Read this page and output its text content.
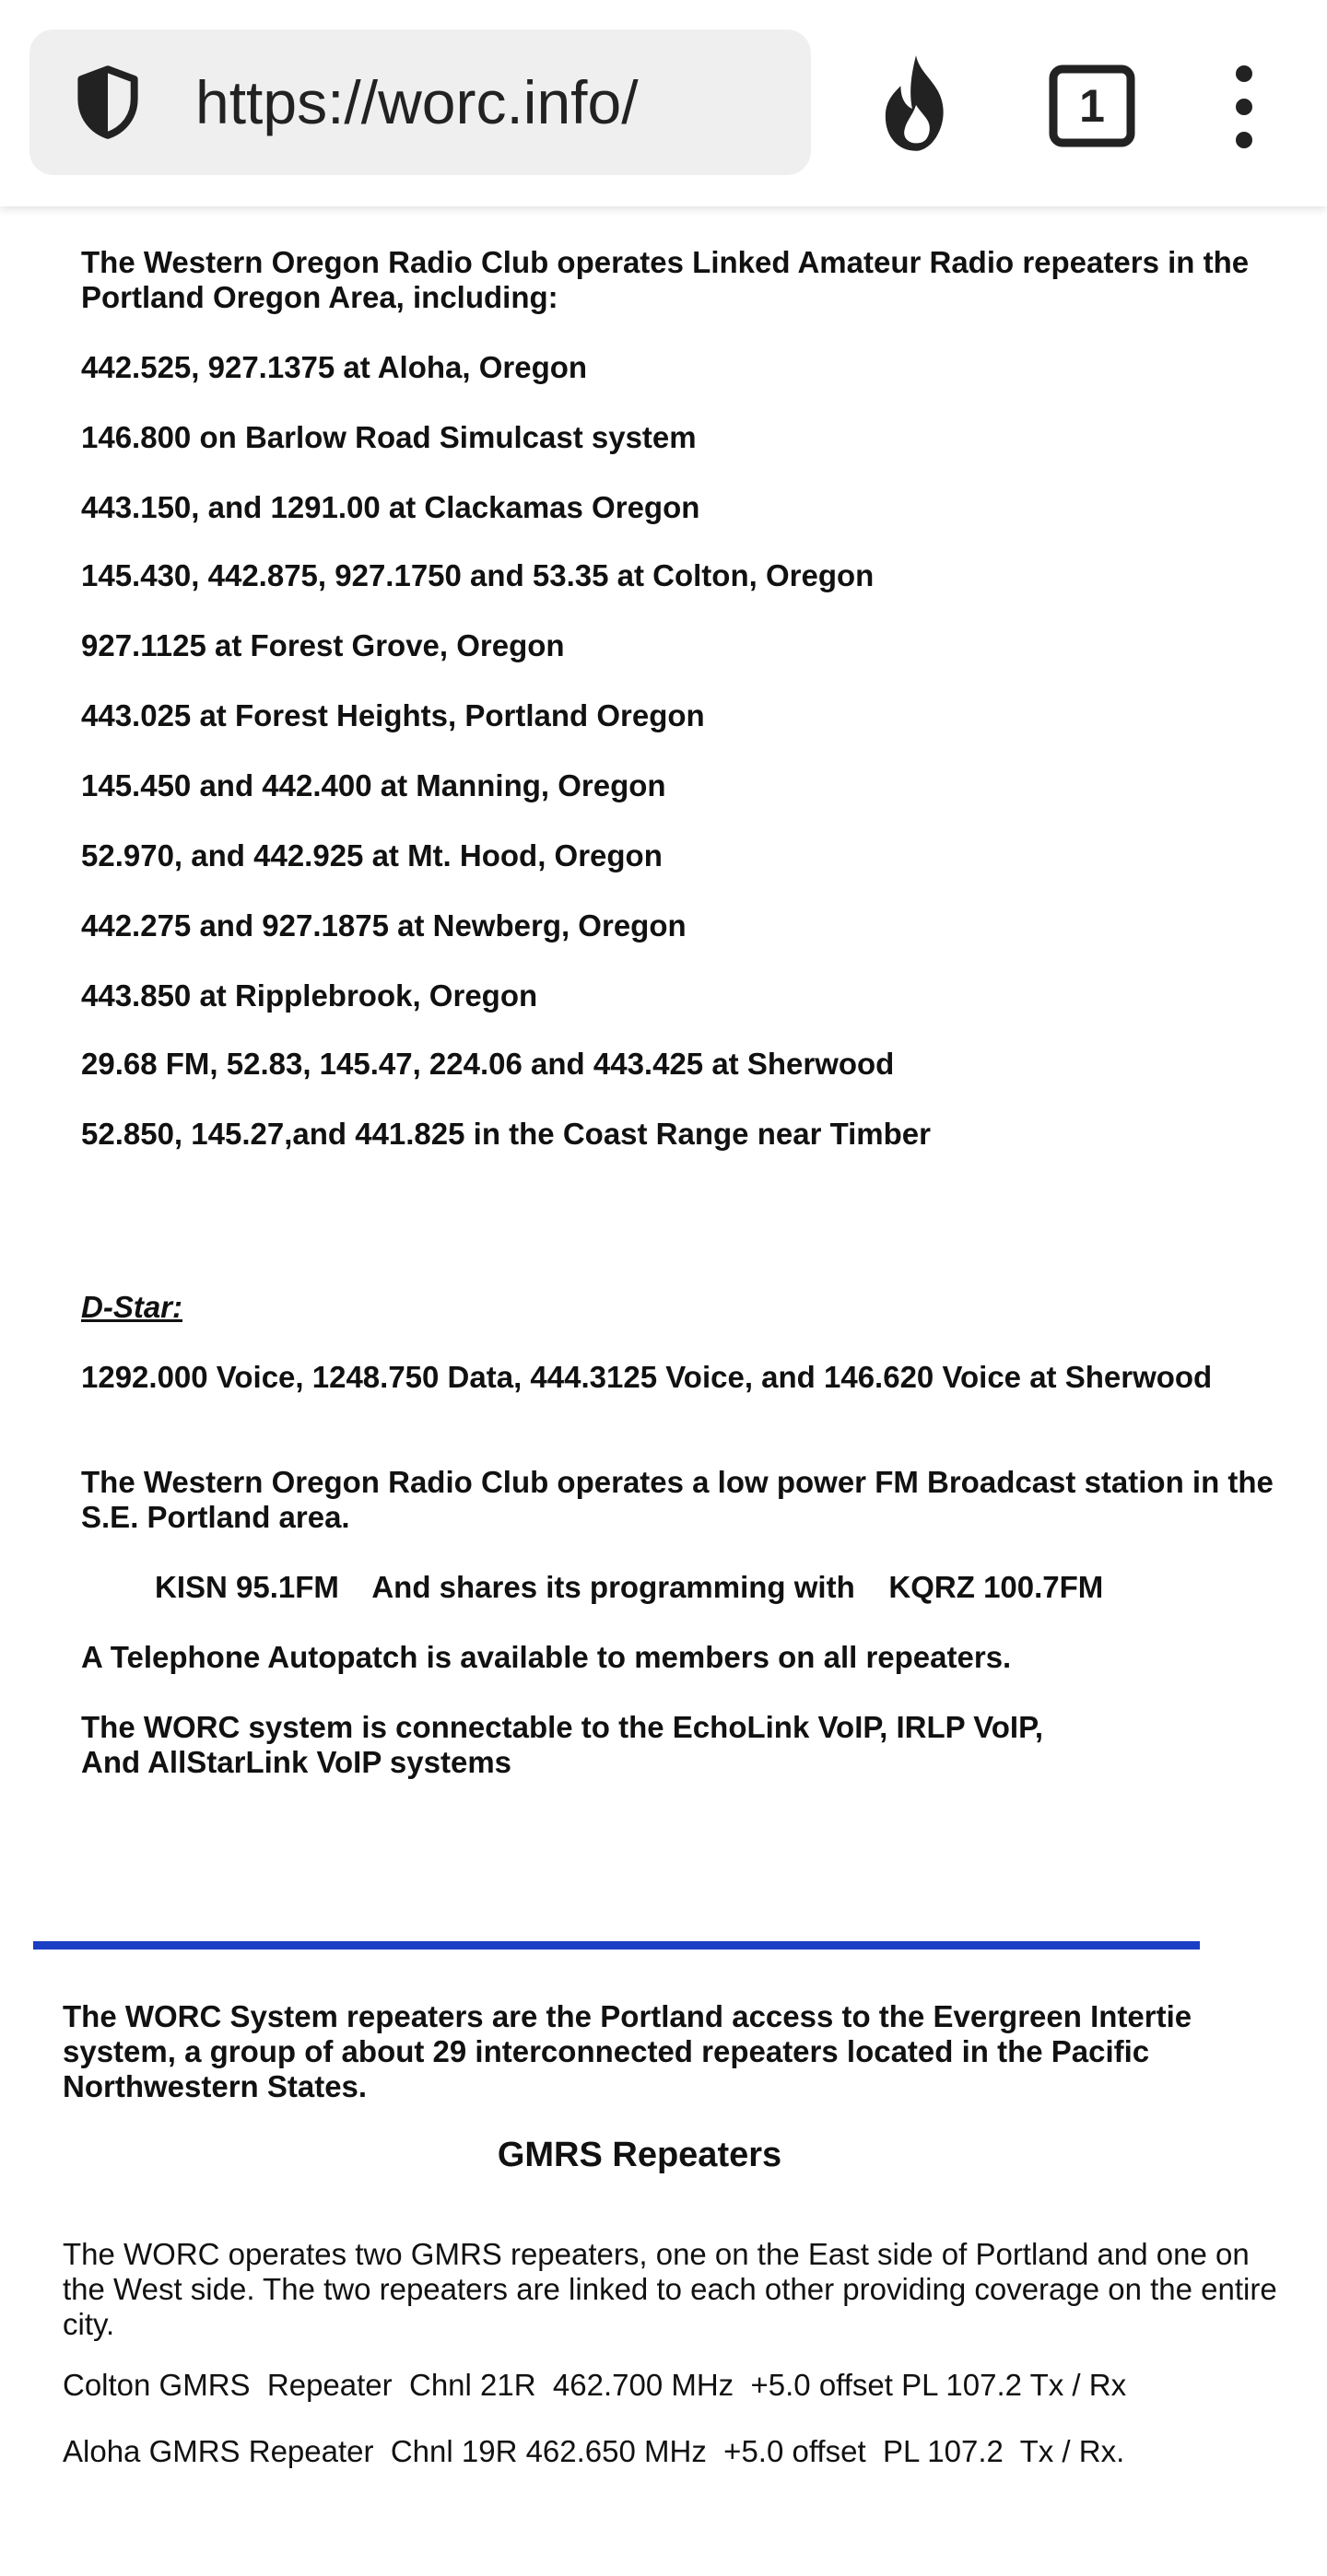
https://worc.info/	1
The Western Oregon Radio Club operates Linked Amateur Radio repeaters in the Portland Oregon Area, including:
442.525, 927.1375 at Aloha, Oregon
146.800 on Barlow Road Simulcast system
443.150, and 1291.00 at Clackamas Oregon
145.430, 442.875, 927.1750 and 53.35 at Colton, Oregon
927.1125 at Forest Grove, Oregon
443.025 at Forest Heights, Portland Oregon
145.450 and 442.400 at Manning, Oregon
52.970, and 442.925 at Mt. Hood, Oregon
442.275 and 927.1875 at Newberg, Oregon
443.850 at Ripplebrook, Oregon
29.68 FM, 52.83, 145.47, 224.06 and 443.425 at Sherwood
52.850, 145.27,and 441.825 in the Coast Range near Timber
D-Star:
1292.000 Voice, 1248.750 Data, 444.3125 Voice, and 146.620 Voice at Sherwood
The Western Oregon Radio Club operates a low power FM Broadcast station in the S.E. Portland area.
KISN 95.1FM    And shares its programming with    KQRZ 100.7FM
A Telephone Autopatch is available to members on all repeaters.
The WORC system is connectable to the EchoLink VoIP, IRLP VoIP,
And AllStarLink VoIP systems
The WORC System repeaters are the Portland access to the Evergreen Intertie system, a group of about 29 interconnected repeaters located in the Pacific Northwestern States.
GMRS Repeaters
The WORC operates two GMRS repeaters, one on the East side of Portland and one on the West side. The two repeaters are linked to each other providing coverage on the entire city.
Colton GMRS  Repeater  Chnl 21R  462.700 MHz  +5.0 offset PL 107.2 Tx / Rx
Aloha GMRS Repeater  Chnl 19R 462.650 MHz  +5.0 offset  PL 107.2  Tx / Rx.
